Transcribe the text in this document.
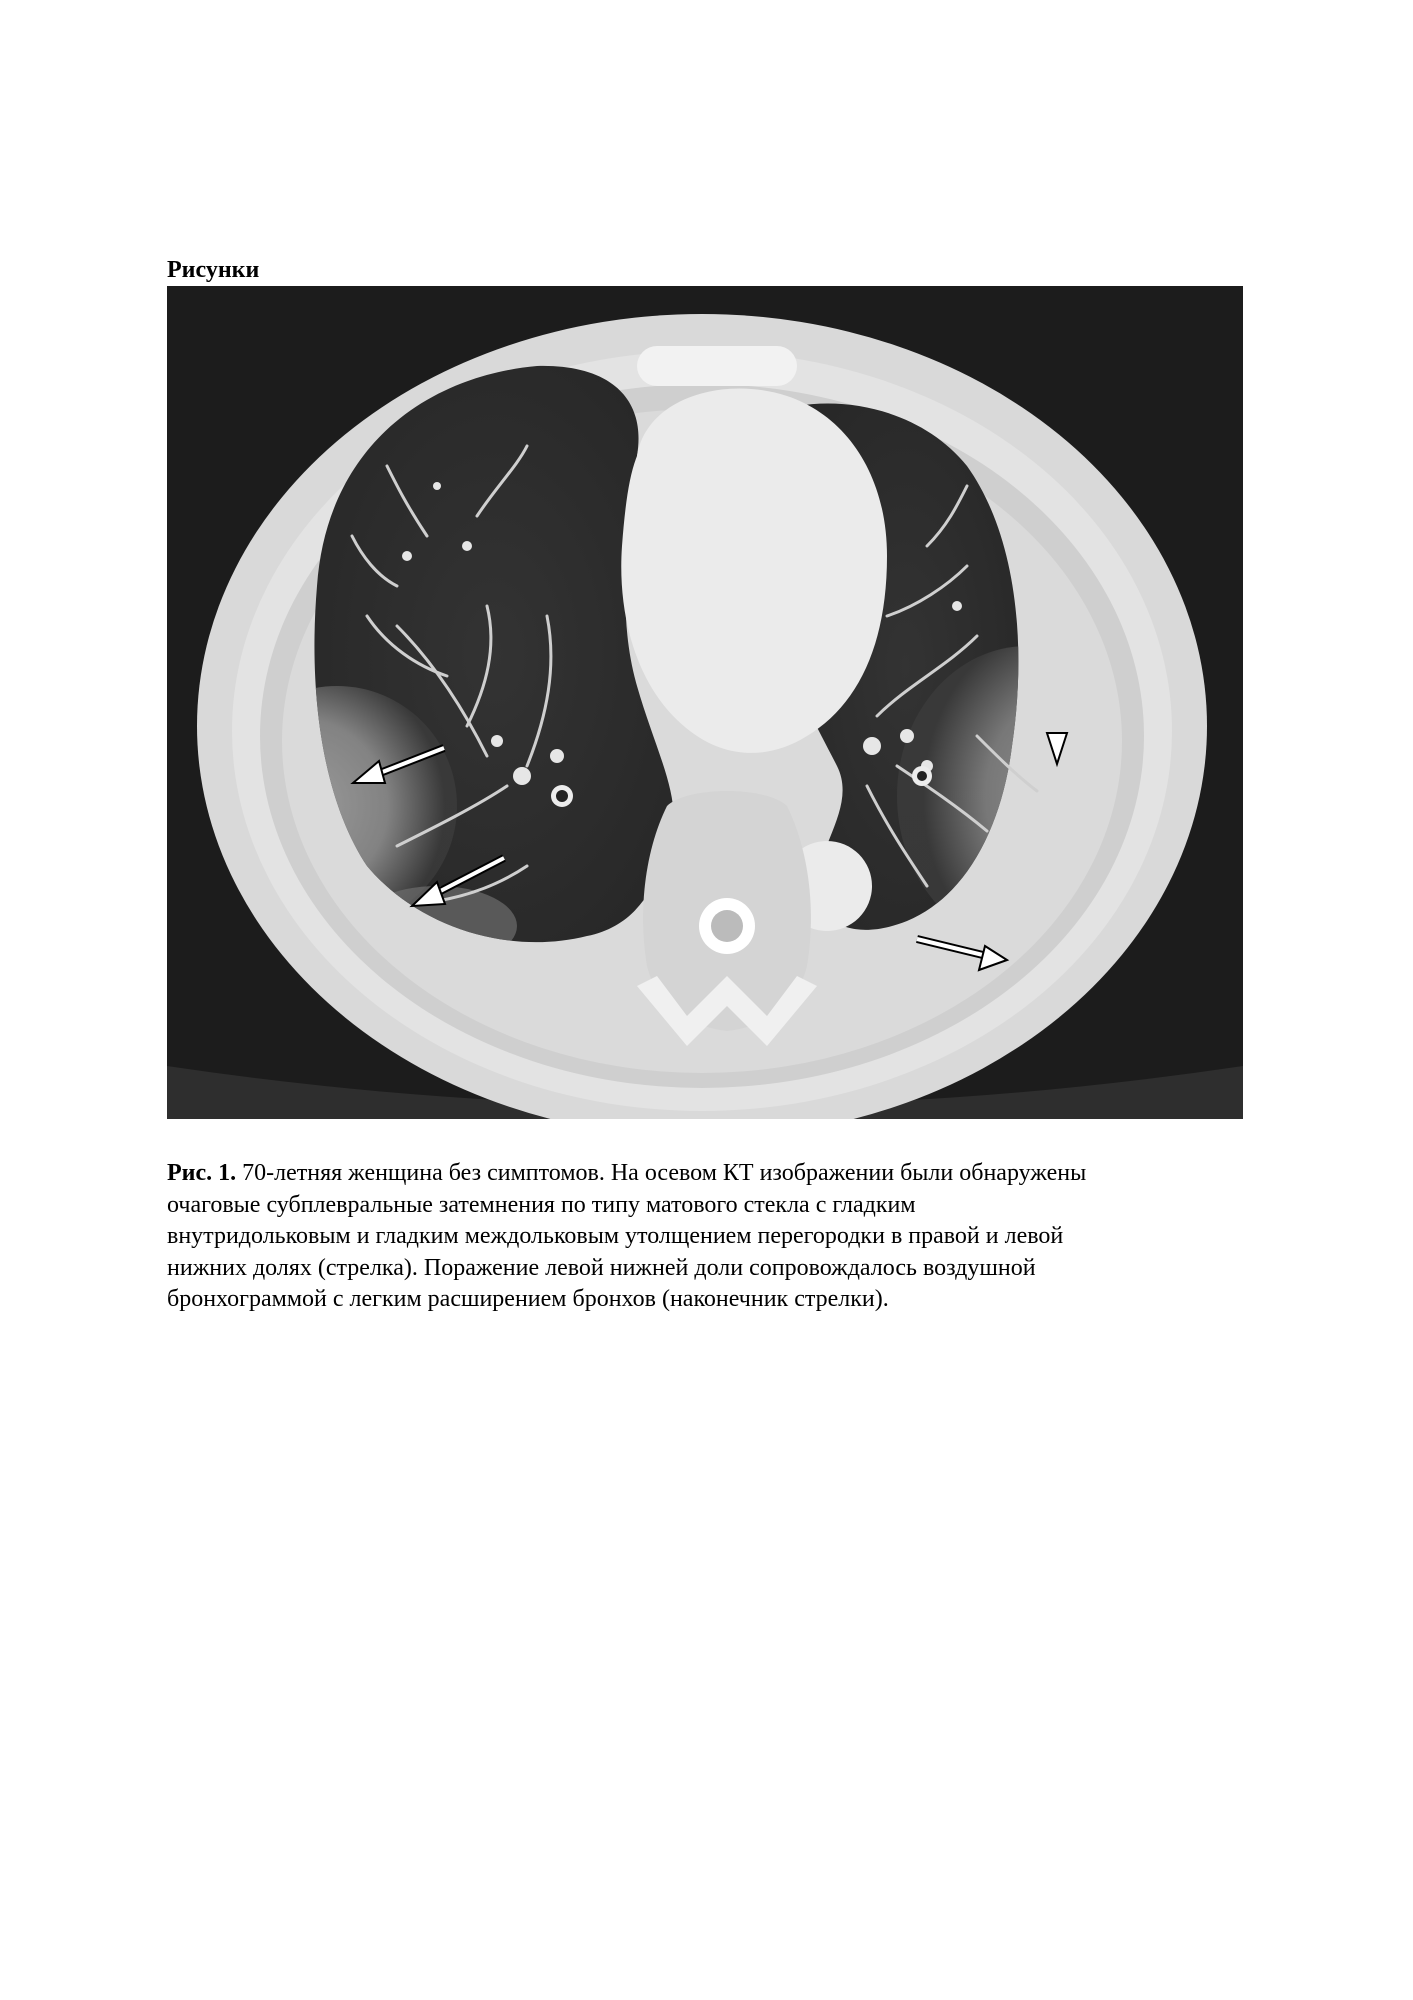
Рисунки
Рис. 1. 70-летняя женщина без симптомов. На осевом КТ изображении были обнаружены
очаговые субплевральные затемнения по типу матового стекла с гладким
внутридольковым и гладким междольковым утолщением перегородки в правой и левой
нижних долях (стрелка). Поражение левой нижней доли сопровождалось воздушной
бронхограммой с легким расширением бронхов (наконечник стрелки).
